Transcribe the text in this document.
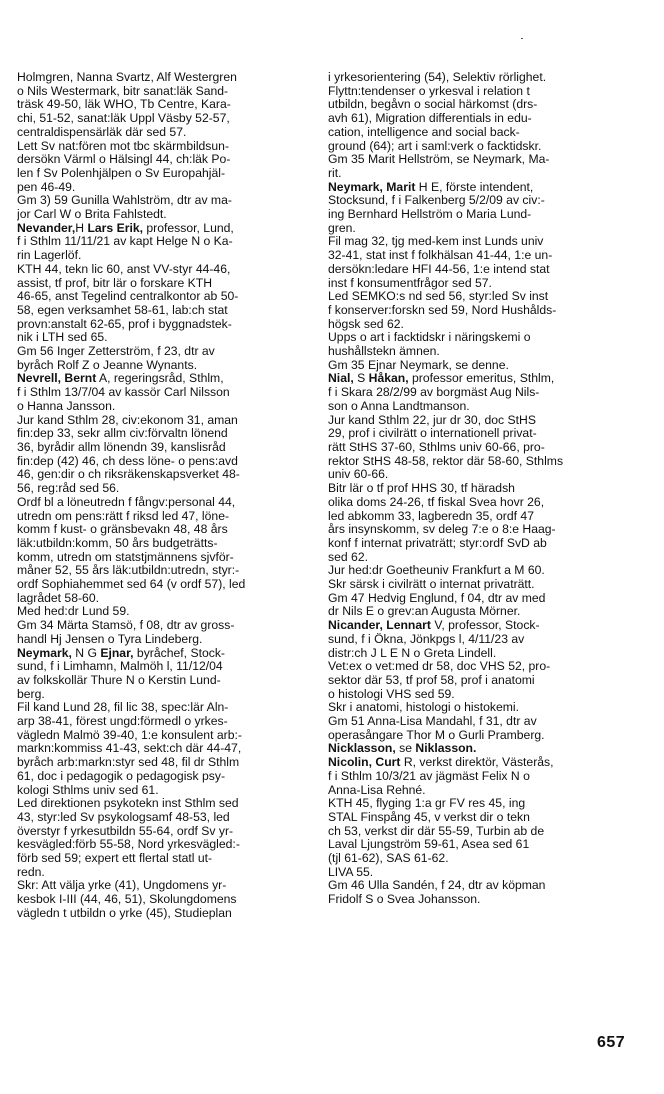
Holmgren, Nanna Svartz, Alf Westergren
o Nils Westermark, bitr sanat:läk Sand-
träsk 49-50, läk WHO, Tb Centre, Kara-
chi, 51-52, sanat:läk Uppl Väsby 52-57,
centraldispensärläk där sed 57.
Lett Sv nat:fören mot tbc skärmbildsun-
dersökn Värml o Hälsingl 44, ch:läk Po-
len f Sv Polenhjälpen o Sv Europahjäl-
pen 46-49.
Gm 3) 59 Gunilla Wahlström, dtr av ma-
jor Carl W o Brita Fahlstedt.
Nevander,H Lars Erik, professor, Lund,
f i Sthlm 11/11/21 av kapt Helge N o Ka-
rin Lagerlöf.
KTH 44, tekn lic 60, anst VV-styr 44-46,
assist, tf prof, bitr lär o forskare KTH
46-65, anst Tegelind centralkontor ab 50-
58, egen verksamhet 58-61, lab:ch stat
provn:anstalt 62-65, prof i byggnadstek-
nik i LTH sed 65.
Gm 56 Inger Zetterström, f 23, dtr av
byråch Rolf Z o Jeanne Wynants.
Nevrell, Bernt A, regeringsråd, Sthlm,
f i Sthlm 13/7/04 av kassör Carl Nilsson
o Hanna Jansson.
Jur kand Sthlm 28, civ:ekonom 31, aman
fin:dep 33, sekr allm civ:förvaltn lönend
36, byrådir allm lönendn 39, kanslisråd
fin:dep (42) 46, ch dess löne- o pens:avd
46, gen:dir o ch riksräkenskapsverket 48-
56, reg:råd sed 56.
Ordf bl a löneutredn f fångv:personal 44,
utredn om pens:rätt f riksd led 47, löne-
komm f kust- o gränsbevakn 48, 48 års
läk:utbildn:komm, 50 års budgeträtts-
komm, utredn om statstjmännens sjvför-
måner 52, 55 års läk:utbildn:utredn, styr:-
ordf Sophiahemmet sed 64 (v ordf 57), led
lagrådet 58-60.
Med hed:dr Lund 59.
Gm 34 Märta Stamsö, f 08, dtr av gross-
handl Hj Jensen o Tyra Lindeberg.
Neymark, N G Ejnar, byråchef, Stock-
sund, f i Limhamn, Malmöh l, 11/12/04
av folkskollär Thure N o Kerstin Lund-
berg.
Fil kand Lund 28, fil lic 38, spec:lär Aln-
arp 38-41, förest ungd:förmedl o yrkes-
vägledn Malmö 39-40, 1:e konsulent arb:-
markn:kommiss 41-43, sekt:ch där 44-47,
byråch arb:markn:styr sed 48, fil dr Sthlm
61, doc i pedagogik o pedagogisk psy-
kologi Sthlms univ sed 61.
Led direktionen psykotekn inst Sthlm sed
43, styr:led Sv psykologsamf 48-53, led
överstyr f yrkesutbildn 55-64, ordf Sv yr-
kesvägled:förb 55-58, Nord yrkesvägled:-
förb sed 59; expert ett flertal statl ut-
redn.
Skr: Att välja yrke (41), Ungdomens yr-
kesbok I-III (44, 46, 51), Skolungdomens
vägledn t utbildn o yrke (45), Studieplan
i yrkesorientering (54), Selektiv rörlighet.
Flyttn:tendenser o yrkesval i relation t
utbildn, begåvn o social härkomst (drs-
avh 61), Migration differentials in edu-
cation, intelligence and social back-
ground (64); art i saml:verk o facktidskr.
Gm 35 Marit Hellström, se Neymark, Ma-
rit.
Neymark, Marit H E, förste intendent,
Stocksund, f i Falkenberg 5/2/09 av civ:-
ing Bernhard Hellström o Maria Lund-
gren.
Fil mag 32, tjg med-kem inst Lunds univ
32-41, stat inst f folkhälsan 41-44, 1:e un-
dersökn:ledare HFI 44-56, 1:e intend stat
inst f konsumentfrågor sed 57.
Led SEMKO:s nd sed 56, styr:led Sv inst
f konserver:forskn sed 59, Nord Hushålds-
högsk sed 62.
Upps o art i facktidskr i näringskemi o
hushållstekn ämnen.
Gm 35 Ejnar Neymark, se denne.
Nial, S Håkan, professor emeritus, Sthlm,
f i Skara 28/2/99 av borgmäst Aug Nils-
son o Anna Landtmanson.
Jur kand Sthlm 22, jur dr 30, doc StHS
29, prof i civilrätt o internationell privat-
rätt StHS 37-60, Sthlms univ 60-66, pro-
rektor StHS 48-58, rektor där 58-60, Sthlms
univ 60-66.
Bitr lär o tf prof HHS 30, tf häradsh
olika doms 24-26, tf fiskal Svea hovr 26,
led abkomm 33, lagberedn 35, ordf 47
års insynskomm, sv deleg 7:e o 8:e Haag-
konf f internat privaträtt; styr:ordf SvD ab
sed 62.
Jur hed:dr Goetheuniv Frankfurt a M 60.
Skr särsk i civilrätt o internat privaträtt.
Gm 47 Hedvig Englund, f 04, dtr av med
dr Nils E o grev:an Augusta Mörner.
Nicander, Lennart V, professor, Stock-
sund, f i Ökna, Jönkpgs l, 4/11/23 av
distr:ch J L E N o Greta Lindell.
Vet:ex o vet:med dr 58, doc VHS 52, pro-
sektor där 53, tf prof 58, prof i anatomi
o histologi VHS sed 59.
Skr i anatomi, histologi o histokemi.
Gm 51 Anna-Lisa Mandahl, f 31, dtr av
operasångare Thor M o Gurli Pramberg.
Nicklasson, se Niklasson.
Nicolin, Curt R, verkst direktör, Västerås,
f i Sthlm 10/3/21 av jägmäst Felix N o
Anna-Lisa Rehné.
KTH 45, flyging 1:a gr FV res 45, ing
STAL Finspång 45, v verkst dir o tekn
ch 53, verkst dir där 55-59, Turbin ab de
Laval Ljungström 59-61, Asea sed 61
(tjl 61-62), SAS 61-62.
LIVA 55.
Gm 46 Ulla Sandén, f 24, dtr av köpman
Fridolf S o Svea Johansson.
657
